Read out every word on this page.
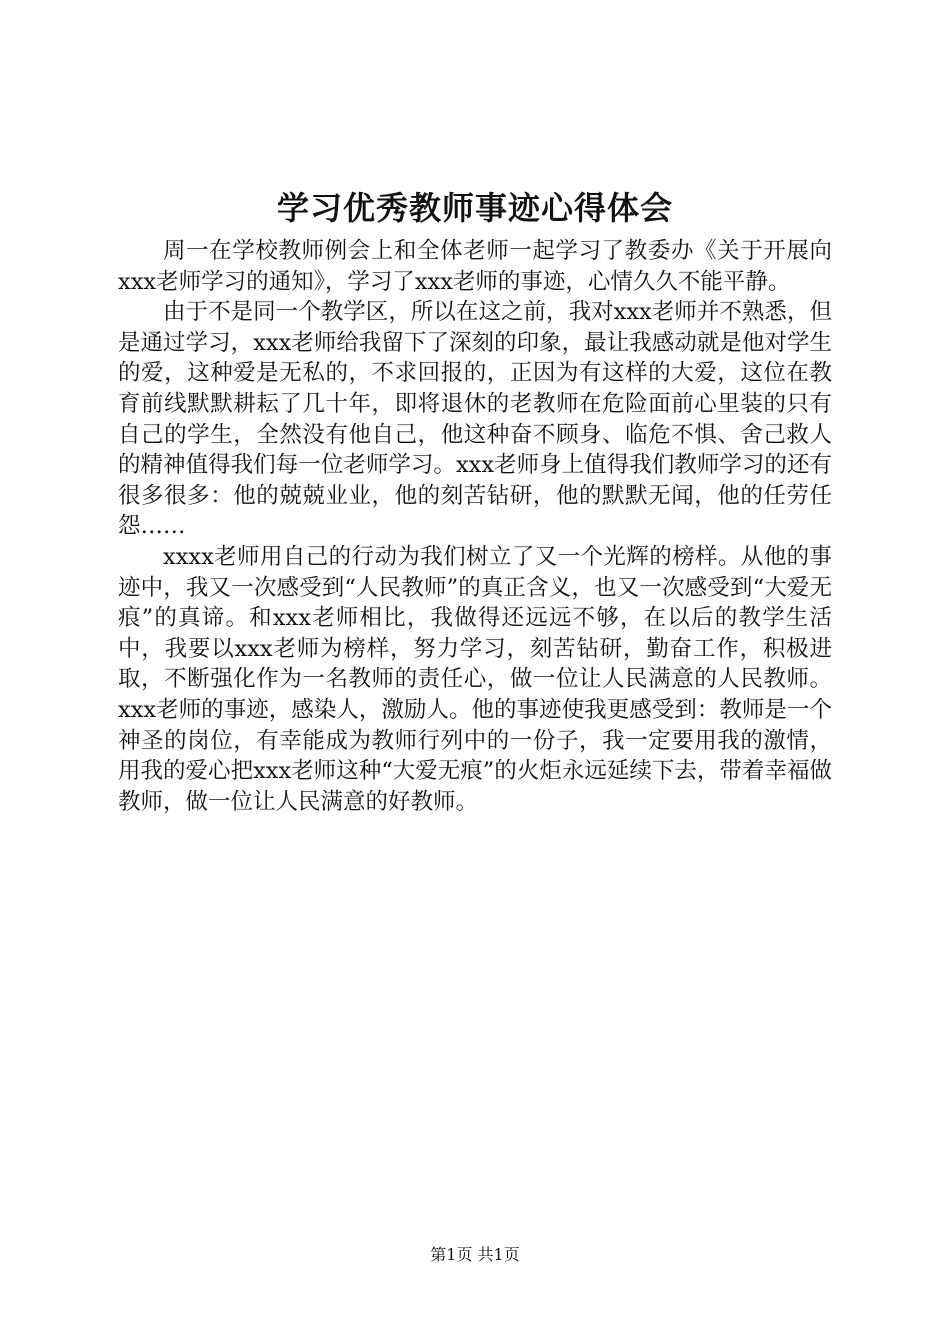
学习优秀教师事迹心得体会

周一在学校教师例会上和全体老师一起学习了教委办《关于开展向xxx老师学习的通知》，学习了xxx老师的事迹，心情久久不能平静。

由于不是同一个教学区，所以在这之前，我对xxx老师并不熟悉，但是通过学习，xxx老师给我留下了深刻的印象，最让我感动就是他对学生的爱，这种爱是无私的，不求回报的，正因为有这样的大爱，这位在教育前线默默耕耘了几十年，即将退休的老教师在危险面前心里装的只有自己的学生，全然没有他自己，他这种奋不顾身、临危不惧、舍己救人的精神值得我们每一位老师学习。xxx老师身上值得我们教师学习的还有很多很多：他的兢兢业业，他的刻苦钻研，他的默默无闻，他的任劳任怨……

xxxx老师用自己的行动为我们树立了又一个光辉的榜样。从他的事迹中，我又一次感受到“人民教师”的真正含义，也又一次感受到“大爱无痕”的真谛。和xxx老师相比，我做得还远远不够，在以后的教学生活中，我要以xxx老师为榜样，努力学习，刻苦钻研，勤奋工作，积极进取，不断强化作为一名教师的责任心，做一位让人民满意的人民教师。xxx老师的事迹，感染人，激励人。他的事迹使我更感受到：教师是一个神圣的岗位，有幸能成为教师行列中的一份子，我一定要用我的激情，用我的爱心把xxx老师这种“大爱无痕”的火炬永远延续下去，带着幸福做教师，做一位让人民满意的好教师。

第1页 共1页
